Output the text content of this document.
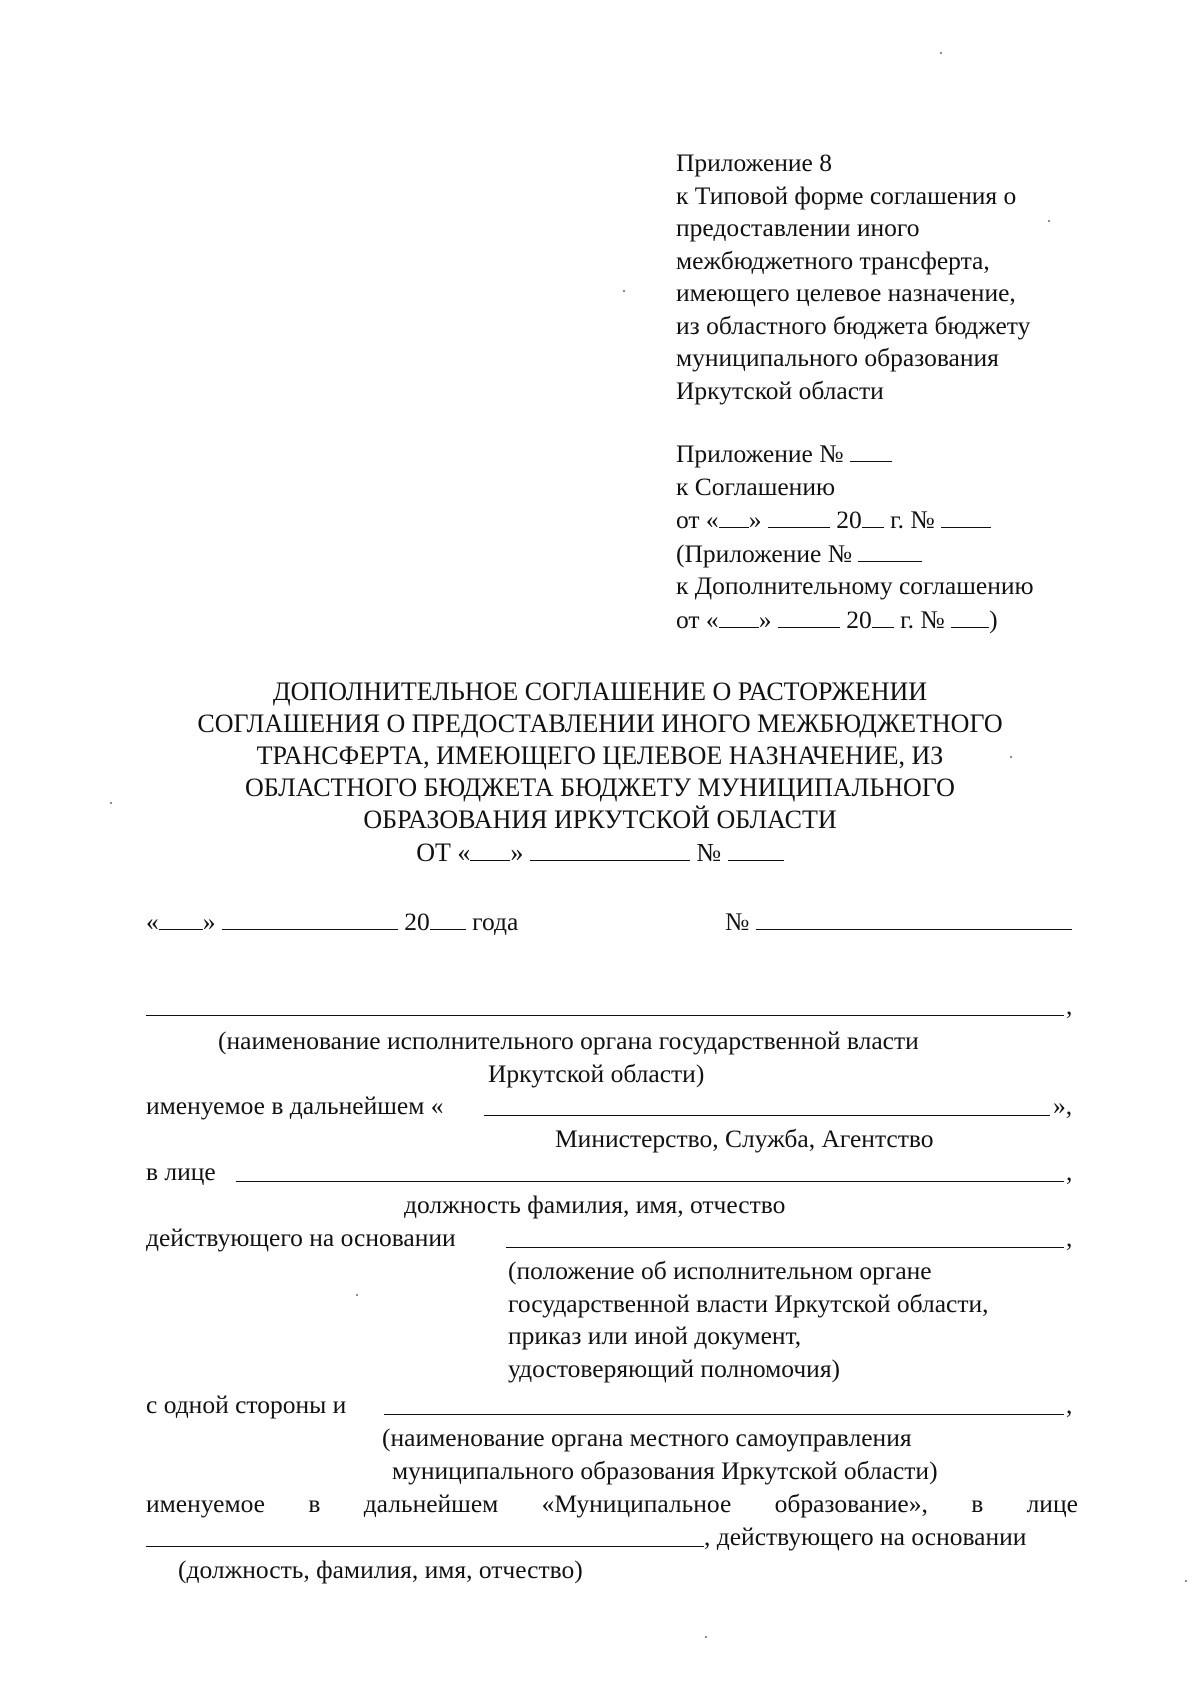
Приложение 8
к Типовой форме соглашения о
предоставлении иного
межбюджетного трансферта,
имеющего целевое назначение,
из областного бюджета бюджету
муниципального образования
Иркутской области
Приложение №
к Соглашению
от « »	20 г. №
(Приложение №
к Дополнительному соглашению
от « »	20 г. № )
ДОПОЛНИТЕЛЬНОЕ СОГЛАШЕНИЕ О РАСТОРЖЕНИИ
СОГЛАШЕНИЯ О ПРЕДОСТАВЛЕНИИ ИНОГО МЕЖБЮДЖЕТНОГО
ТРАНСФЕРТА, ИМЕЮЩЕГО ЦЕЛЕВОЕ НАЗНАЧЕНИЕ, ИЗ
ОБЛАСТНОГО БЮДЖЕТА БЮДЖЕТУ МУНИЦИПАЛЬНОГО
ОБРАЗОВАНИЯ ИРКУТСКОЙ ОБЛАСТИ
ОТ « »	№
« »	20 года	№
,
(наименование исполнительного органа государственной власти
Иркутской области)
именуемое в дальнейшем «	»,
Министерство, Служба, Агентство
в лице	,
должность фамилия, имя, отчество
действующего на основании	,
(положение об исполнительном органе
государственной власти Иркутской области,
приказ или иной документ,
удостоверяющий полномочия)
с одной стороны и	,
(наименование органа местного самоуправления
муниципального образования Иркутской области)
именуемое в дальнейшем «Муниципальное образование», в лице
, действующего на основании
(должность, фамилия, имя, отчество)
